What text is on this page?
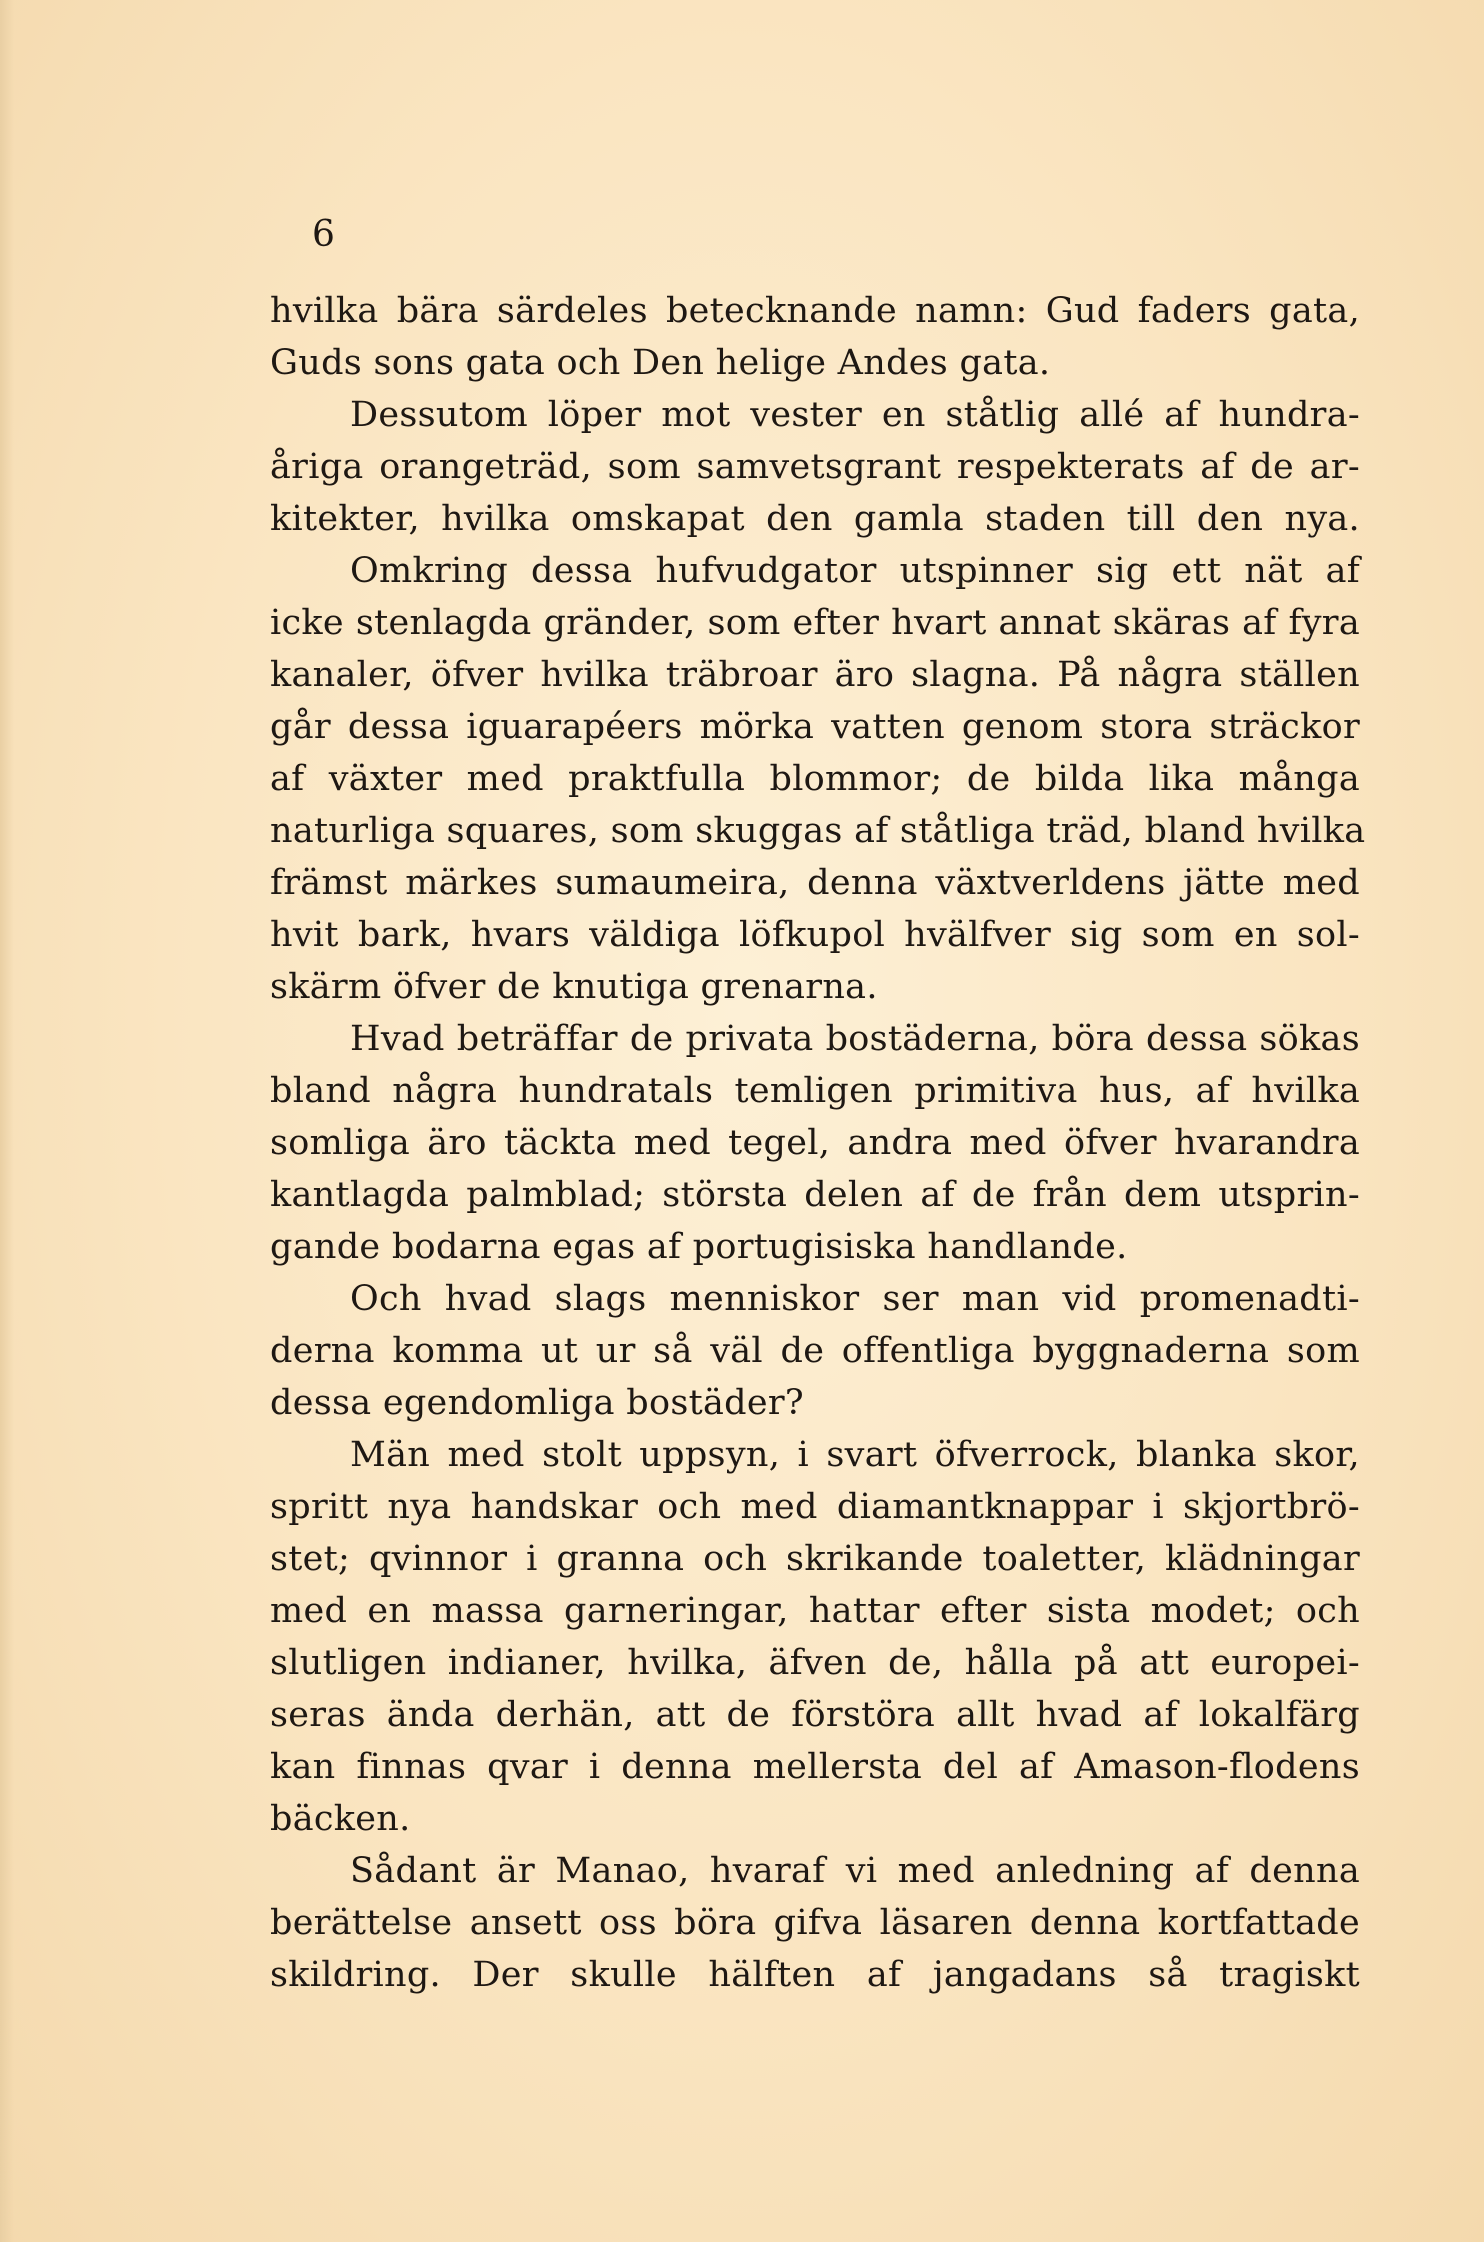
6
hvilka bära särdeles betecknande namn: Gud faders gata,
Guds sons gata och Den helige Andes gata.
Dessutom löper mot vester en ståtlig allé af hundra-
åriga orangeträd, som samvetsgrant respekterats af de ar-
kitekter, hvilka omskapat den gamla staden till den nya.
Omkring dessa hufvudgator utspinner sig ett nät af
icke stenlagda gränder, som efter hvart annat skäras af fyra
kanaler, öfver hvilka träbroar äro slagna. På några ställen
går dessa iguarapéers mörka vatten genom stora sträckor
af växter med praktfulla blommor; de bilda lika många
naturliga squares, som skuggas af ståtliga träd, bland hvilka
främst märkes sumaumeira, denna växtverldens jätte med
hvit bark, hvars väldiga löfkupol hvälfver sig som en sol-
skärm öfver de knutiga grenarna.
Hvad beträffar de privata bostäderna, böra dessa sökas
bland några hundratals temligen primitiva hus, af hvilka
somliga äro täckta med tegel, andra med öfver hvarandra
kantlagda palmblad; största delen af de från dem utsprin-
gande bodarna egas af portugisiska handlande.
Och hvad slags menniskor ser man vid promenadti-
derna komma ut ur så väl de offentliga byggnaderna som
dessa egendomliga bostäder?
Män med stolt uppsyn, i svart öfverrock, blanka skor,
spritt nya handskar och med diamantknappar i skjortbrö-
stet; qvinnor i granna och skrikande toaletter, klädningar
med en massa garneringar, hattar efter sista modet; och
slutligen indianer, hvilka, äfven de, hålla på att europei-
seras ända derhän, att de förstöra allt hvad af lokalfärg
kan finnas qvar i denna mellersta del af Amason-flodens
bäcken.
Sådant är Manao, hvaraf vi med anledning af denna
berättelse ansett oss böra gifva läsaren denna kortfattade
skildring. Der skulle hälften af jangadans så tragiskt
